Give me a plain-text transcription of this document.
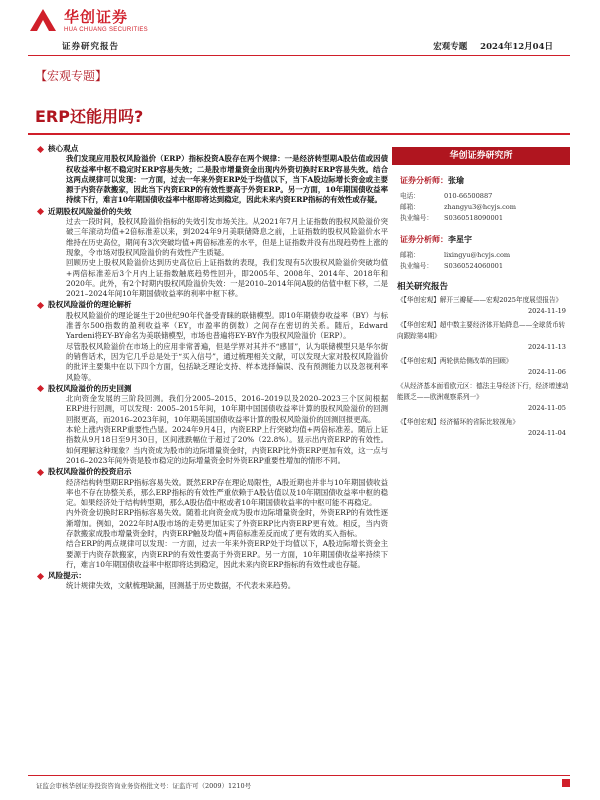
华创证券
HUA CHUANG SECURITIES
证券研究报告	宏观专题 2024年12月04日
【宏观专题】
ERP还能用吗?
核心观点
我们发现应用股权风险溢价（ERP）指标投资A股存在两个规律：一是经济转型期A股估值或因债权收益率中枢不稳定时ERP容易失效；二是股市增量资金出现内外资切换时ERP容易失效。结合这两点规律可以发现：一方面，过去一年来外资ERP处于均值以下，当下A股边际增长资金或主要源于内资存款搬家，因此当下内资ERP的有效性要高于外资ERP。另一方面，10年期国债收益率持续下行，难言10年期国债收益率中枢即将达到稳定，因此未来内资ERP指标的有效性或存疑。
近期股权风险溢价的失效
过去一段时间，股权风险溢价指标的失效引发市场关注。从2021年7月上证指数的股权风险溢价突破三年滚动均值+2倍标准差以来，到2024年9月美联储降息之前，上证指数的股权风险溢价水平维持在历史高位，期间有3次突破均值+两倍标准差的水平，但是上证指数并没有出现趋势性上涨的现象，令市场对股权风险溢价的有效性产生质疑。
回顾历史上股权风险溢价达到历史高位后上证指数的表现，我们发现有5次股权风险溢价突破均值+两倍标准差后3个月内上证指数触底趋势性回升，即2005年、2008年、2014年、2018年和2020年。此外，有2个时期内股权风险溢价失效：一是2010–2014年间A股的估值中枢下移，二是2021–2024年间10年期国债收益率的利率中枢下移。
股权风险溢价的理论解析
股权风险溢价的理论诞生于20世纪90年代备受青睐的联储模型。即10年期债券收益率（BY）与标准普尔500指数的盈利收益率（EY，市盈率的倒数）之间存在密切的关系。随后，Edward Yardeni将EY-BY命名为美联储模型，市场也普遍将EY-BY作为股权风险溢价（ERP）。
尽管股权风险溢价在市场上的应用非常普遍，但是学界对其并不“感冒”，认为联储模型只是华尔街的销售话术，因为它几乎总是处于“买入信号”，通过梳理相关文献，可以发现大家对股权风险溢价的批评主要集中在以下四个方面，包括缺乏理论支持、样本选择偏误、没有预测能力以及忽视利率风险等。
股权风险溢价的历史回测
北向资金发展的三阶段回测。我们分2005–2015、2016–2019以及2020–2023三个区间根据ERP进行回测，可以发现：2005–2015年间，10年期中国国债收益率计算的股权风险溢价的回测回报更高，而2016–2023年间，10年期美国国债收益率计算的股权风险溢价的回测回报更高。
本轮上涨内资ERP重要性凸显。2024年9月4日，内资ERP上行突破均值+两倍标准差。随后上证指数从9月18日至9月30日，区间涨跌幅位于超过了20%（22.8%）。显示出内资ERP的有效性。如何理解这种现象？当内资成为股市的边际增量资金时，内资ERP比外资ERP更加有效，这一点与2016–2023年间外资是股市稳定的边际增量资金时外资ERP重要性增加的情形不同。
股权风险溢价的投资启示
经济结构转型期ERP指标容易失效。既然ERP存在理论局限性，A股近期也并非与10年期国债收益率也不存在协整关系，那么ERP指标的有效性严重依赖于A股估值以及10年期国债收益率中枢的稳定。如果经济处于结构转型期，那么A股估值中枢或者10年期国债收益率的中枢可能不再稳定。
内外资金切换时ERP指标容易失效。随着北向资金成为股市边际增量资金时，外资ERP的有效性逐渐增加。例如，2022年时A股市场的走势更加证实了外资ERP比内资ERP更有效。相反，当内资存款搬家成股市增量资金时，内资ERP触及均值+两倍标准差反而成了更有效的买入指标。
结合ERP的两点规律可以发现：一方面，过去一年来外资ERP处于均值以下，A股边际增长资金主要源于内资存款搬家，内资ERP的有效性要高于外资ERP。另一方面，10年期国债收益率持续下行，难言10年期国债收益率中枢即将达到稳定，因此未来内资ERP指标的有效性或也存疑。
风险提示：
统计规律失效，文献梳理缺漏，回测基于历史数据，不代表未来趋势。
华创证券研究所
证券分析师：张瑜
电话：	010-66500887
邮箱：	zhangyu3@hcyjs.com
执业编号： S0360518090001
证券分析师：李星宇
邮箱：	lixingyu@hcyjs.com
执业编号： S0360524060001
相关研究报告
《【华创宏观】解开三瓣疑——宏观2025年度展望报告》
2024-11-19
《【华创宏观】超中数主要经济体开始降息——全球货币转向跟踪第4期》
2024-11-13
《【华创宏观】两轮供给侧改革的回顾》
2024-11-06
《从经济基本面看欧元区：德法主导经济下行，经济增速动能匮乏——欧洲观察系列一》
2024-11-05
《【华创宏观】经济循环的省际比较视角》
2024-11-04
证监会审核华创证券投资咨询业务资格批文号：证监许可（2009）1210号
